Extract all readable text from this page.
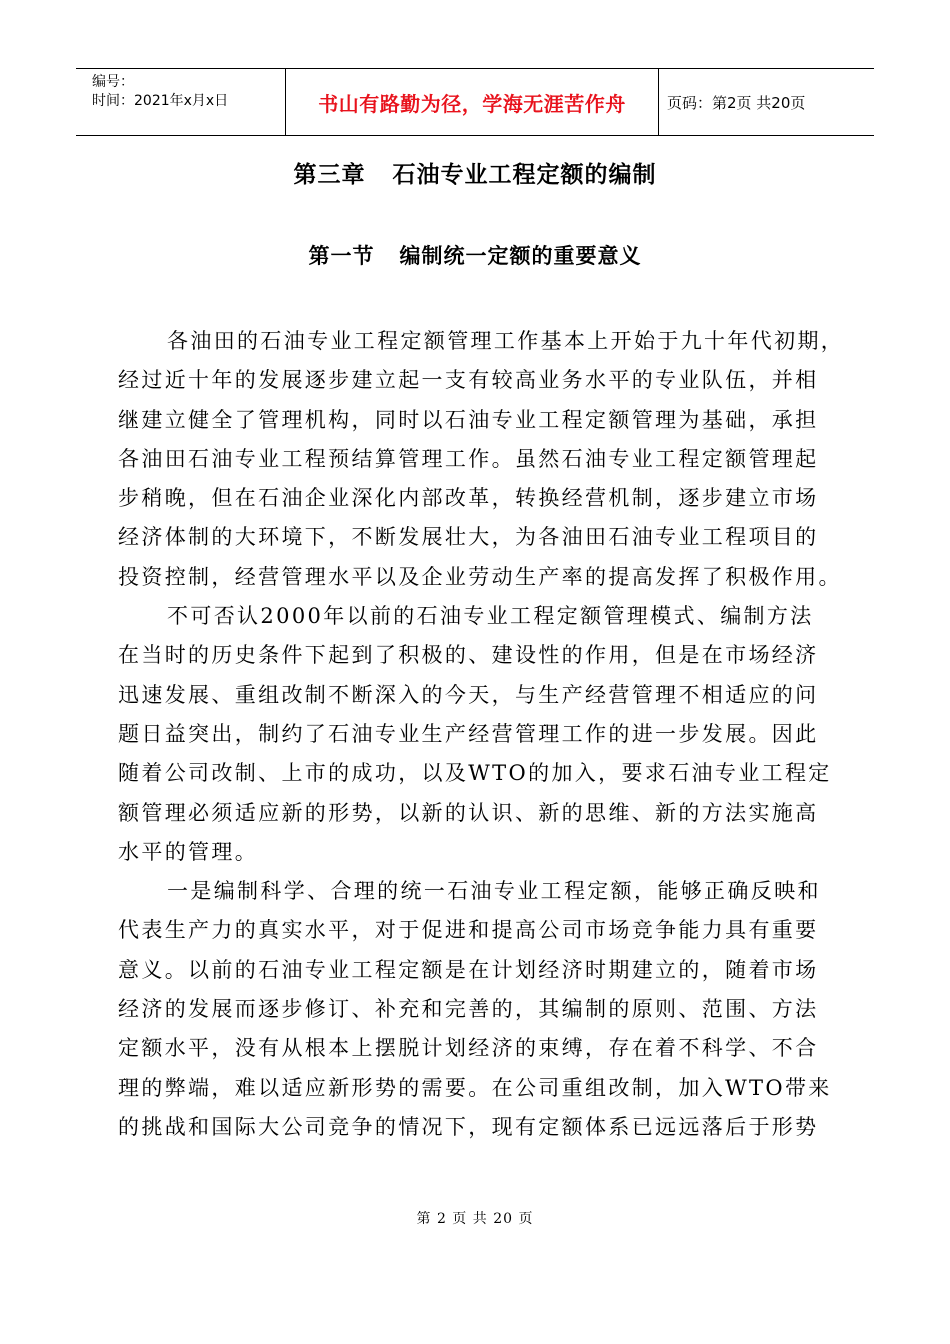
编号：
时间：2021年x月x日	书山有路勤为径，学海无涯苦作舟	页码：第2页 共20页
第三章   石油专业工程定额的编制
第一节   编制统一定额的重要意义
各油田的石油专业工程定额管理工作基本上开始于九十年代初期，
经过近十年的发展逐步建立起一支有较高业务水平的专业队伍，并相
继建立健全了管理机构，同时以石油专业工程定额管理为基础，承担
各油田石油专业工程预结算管理工作。虽然石油专业工程定额管理起
步稍晚，但在石油企业深化内部改革，转换经营机制，逐步建立市场
经济体制的大环境下，不断发展壮大，为各油田石油专业工程项目的
投资控制，经营管理水平以及企业劳动生产率的提高发挥了积极作用。
不可否认2000年以前的石油专业工程定额管理模式、编制方法
在当时的历史条件下起到了积极的、建设性的作用，但是在市场经济
迅速发展、重组改制不断深入的今天，与生产经营管理不相适应的问
题日益突出，制约了石油专业生产经营管理工作的进一步发展。因此
随着公司改制、上市的成功，以及WTO的加入，要求石油专业工程定
额管理必须适应新的形势，以新的认识、新的思维、新的方法实施高
水平的管理。
一是编制科学、合理的统一石油专业工程定额，能够正确反映和
代表生产力的真实水平，对于促进和提高公司市场竞争能力具有重要
意义。以前的石油专业工程定额是在计划经济时期建立的，随着市场
经济的发展而逐步修订、补充和完善的，其编制的原则、范围、方法
定额水平，没有从根本上摆脱计划经济的束缚，存在着不科学、不合
理的弊端，难以适应新形势的需要。在公司重组改制，加入WTO带来
的挑战和国际大公司竞争的情况下，现有定额体系已远远落后于形势
第 2 页 共 20 页
